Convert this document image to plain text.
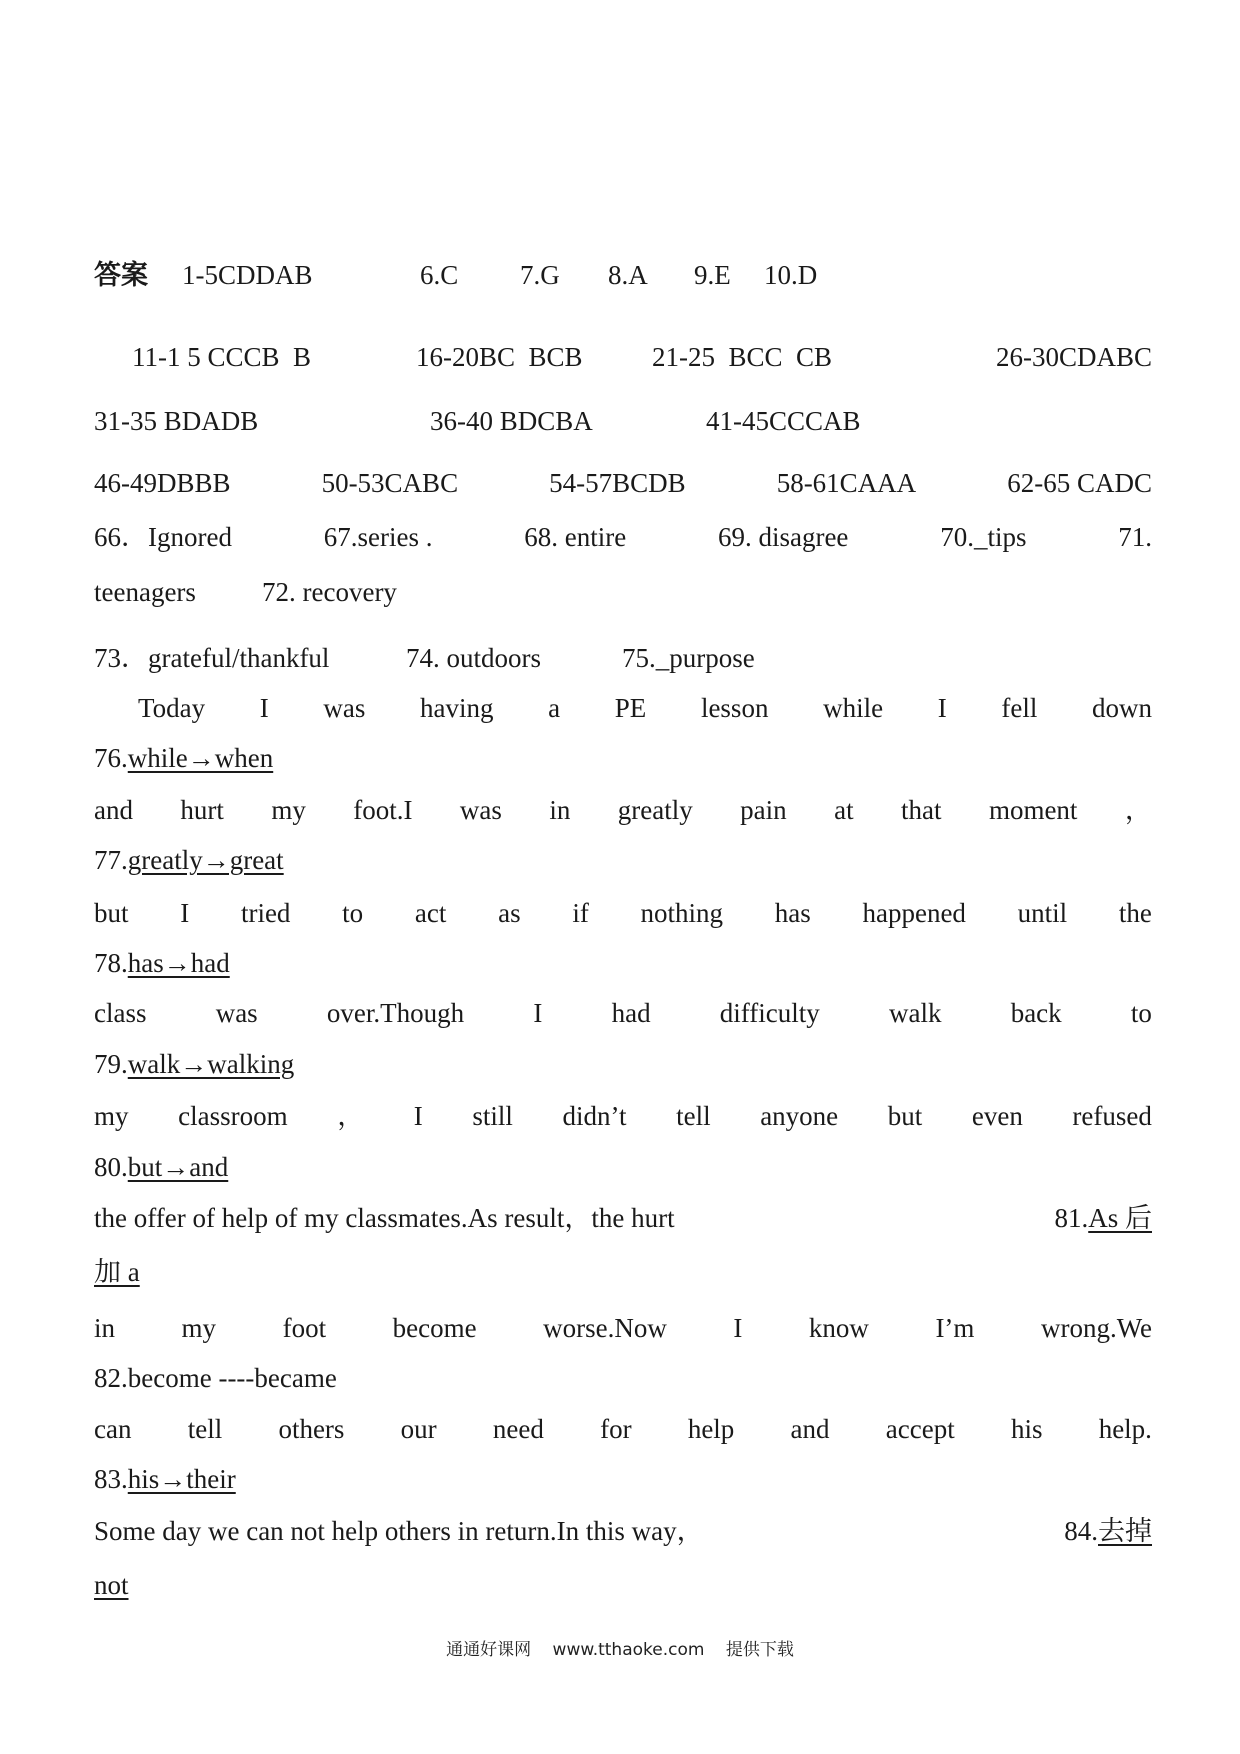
答案 1-5CDDAB	6.C 7.G 8.A 9.E 10.D
11-1 5 CCCB  B	16-20BC  BCB	21-25  BCC  CB	26-30CDABC
31-35 BDADB	36-40 BDCBA	41-45CCCAB
46-49DBBB	50-53CABC	54-57BCDB	58-61CAAA	62-65 CADC
66．Ignored	67.series .	68. entire	69. disagree	70._tips	71.
teenagers 72. recovery
73．grateful/thankful	74. outdoors	75._purpose
Today I was having a PE lesson while I fell down
76.while→when
and hurt my foot.I was in greatly pain at that moment ，
77.greatly→great
but I tried to act as if nothing has happened until the
78.has→had
class	was	over.Though	I	had	difficulty	walk	back	to
79.walk→walking
my classroom ， I still didn’t tell anyone but even refused
80.but→and
the offer of help of my classmates.As result，the hurt	81.As 后
加 a
in my foot become worse.Now I know I’m wrong.We
82.become ----became
can tell others our need for help and accept his help.
83.his→their
Some day we can not help others in return.In this way，	84.去掉
not
通通好课网 www.tthaoke.com 提供下载
